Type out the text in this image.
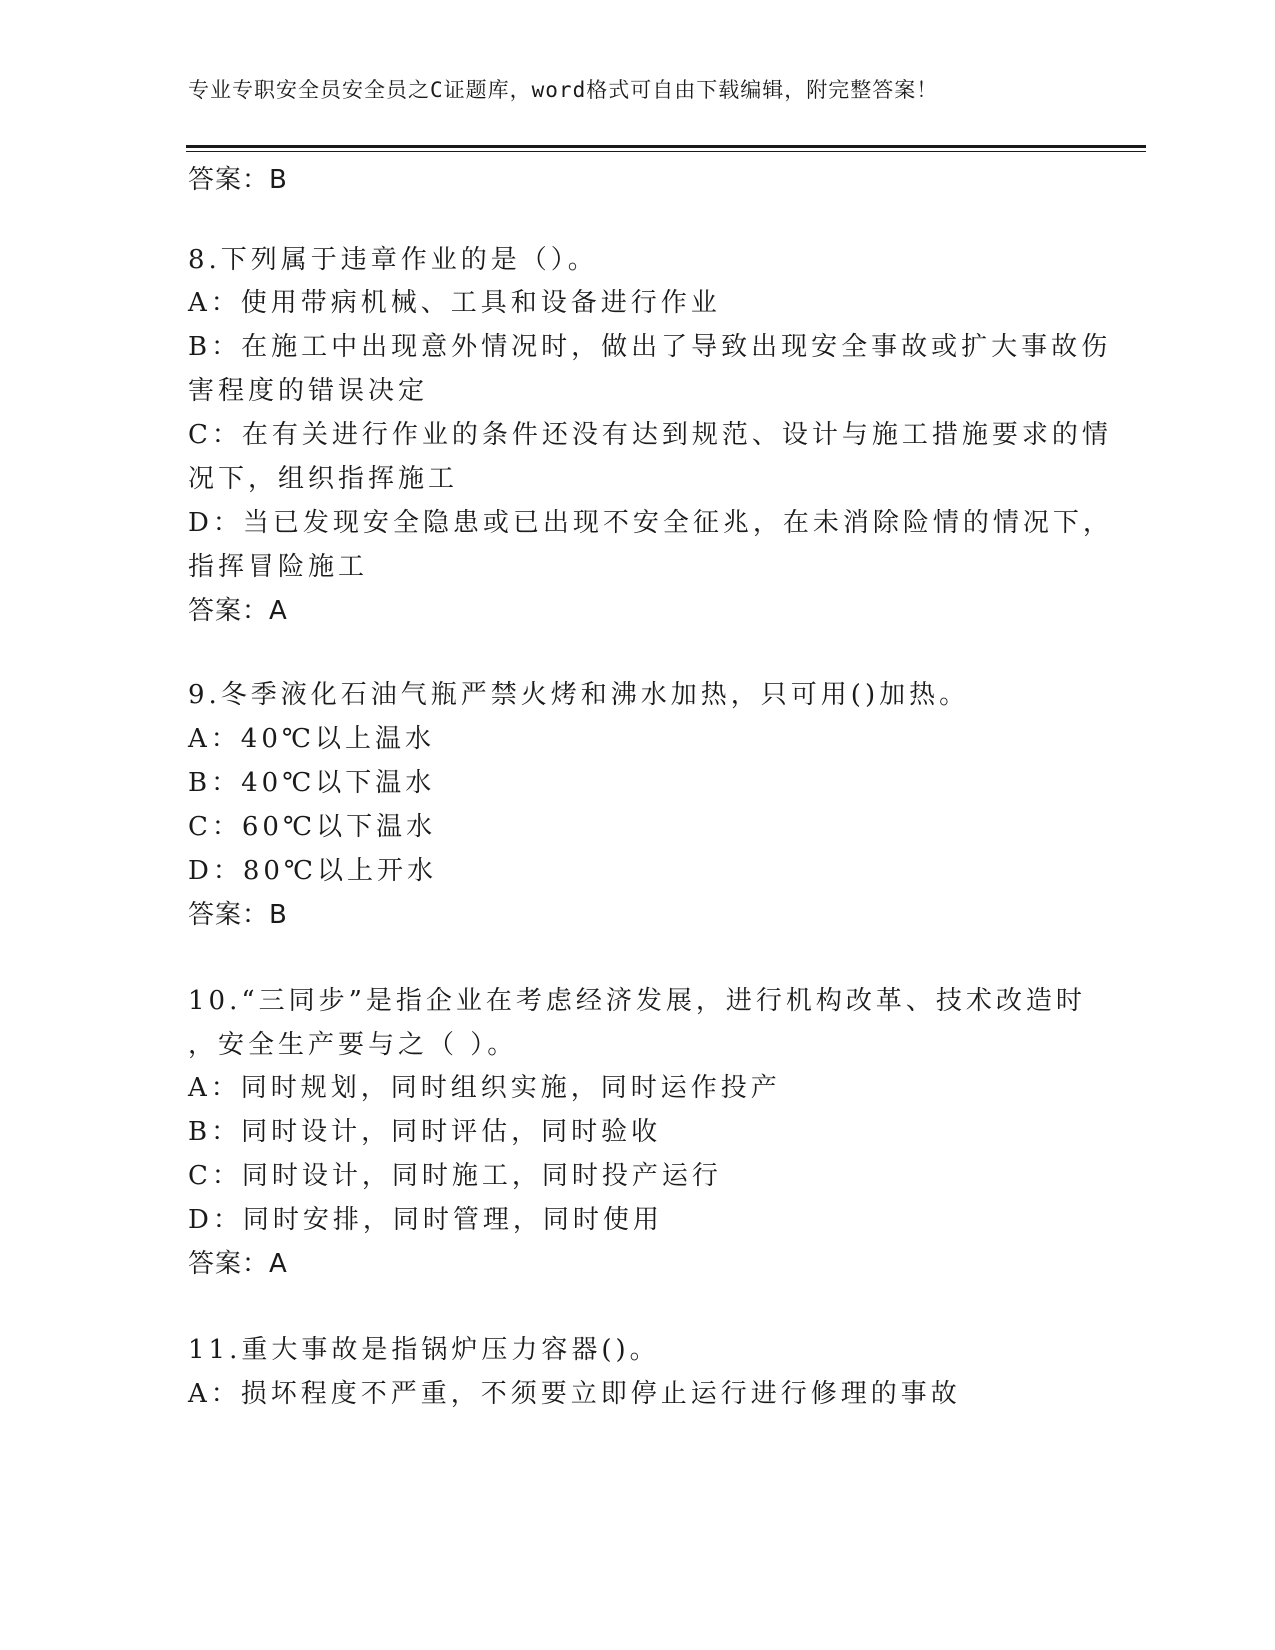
专业专职安全员安全员之C证题库，word格式可自由下载编辑，附完整答案！
答案：B
8.下列属于违章作业的是（）。
A：使用带病机械、工具和设备进行作业
B：在施工中出现意外情况时，做出了导致出现安全事故或扩大事故伤
害程度的错误决定
C：在有关进行作业的条件还没有达到规范、设计与施工措施要求的情
况下，组织指挥施工
D：当已发现安全隐患或已出现不安全征兆，在未消除险情的情况下，
指挥冒险施工
答案：A
9.冬季液化石油气瓶严禁火烤和沸水加热，只可用()加热。
A：40℃以上温水
B：40℃以下温水
C：60℃以下温水
D：80℃以上开水
答案：B
10.“三同步”是指企业在考虑经济发展，进行机构改革、技术改造时
，安全生产要与之（ ）。
A：同时规划，同时组织实施，同时运作投产
B：同时设计，同时评估，同时验收
C：同时设计，同时施工，同时投产运行
D：同时安排，同时管理，同时使用
答案：A
11.重大事故是指锅炉压力容器()。
A：损坏程度不严重，不须要立即停止运行进行修理的事故
